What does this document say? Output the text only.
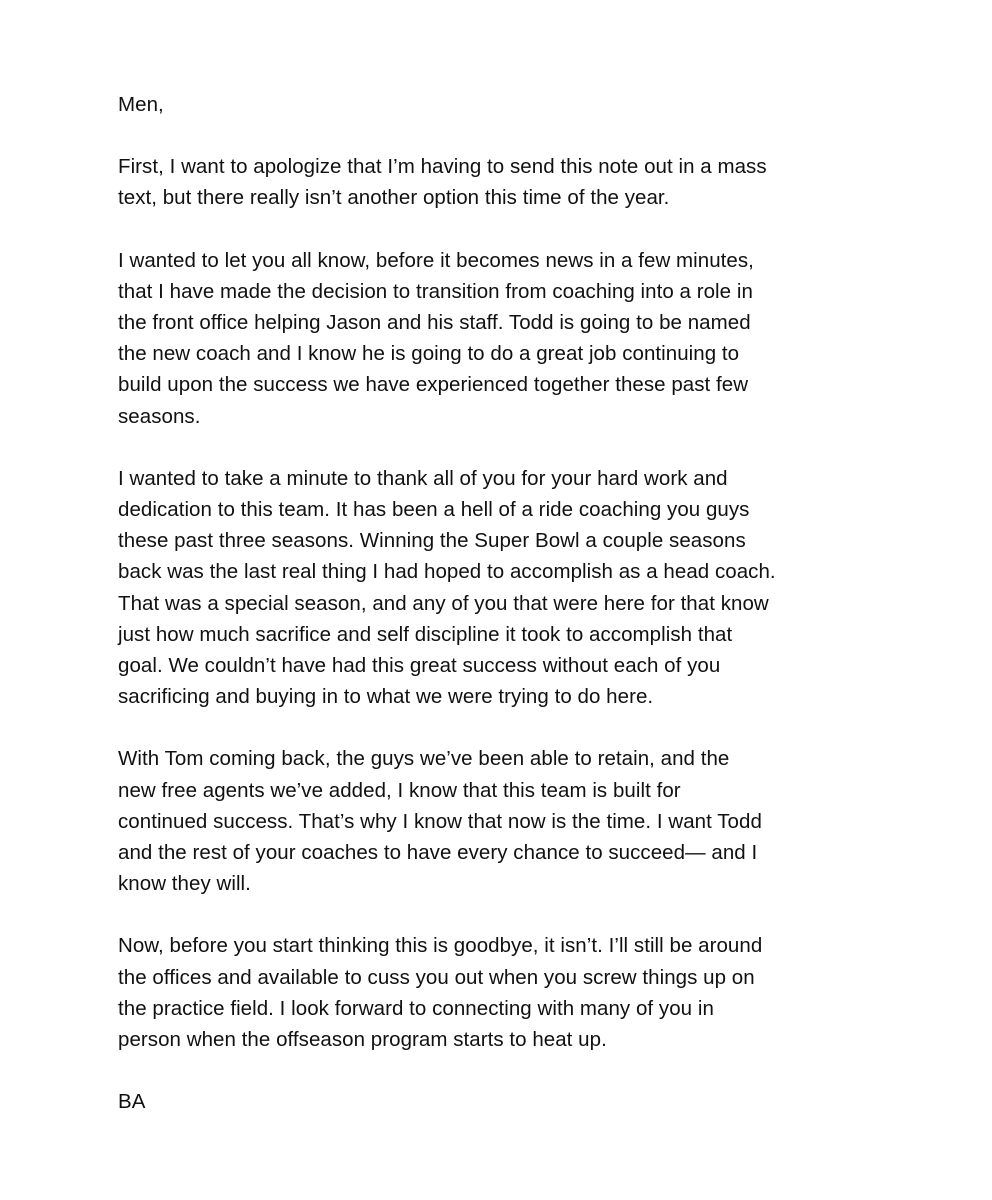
Men,
First, I want to apologize that I’m having to send this note out in a mass
text, but there really isn’t another option this time of the year.
I wanted to let you all know, before it becomes news in a few minutes,
that I have made the decision to transition from coaching into a role in
the front office helping Jason and his staff. Todd is going to be named
the new coach and I know he is going to do a great job continuing to
build upon the success we have experienced together these past few
seasons.
I wanted to take a minute to thank all of you for your hard work and
dedication to this team. It has been a hell of a ride coaching you guys
these past three seasons. Winning the Super Bowl a couple seasons
back was the last real thing I had hoped to accomplish as a head coach.
That was a special season, and any of you that were here for that know
just how much sacrifice and self discipline it took to accomplish that
goal. We couldn’t have had this great success without each of you
sacrificing and buying in to what we were trying to do here.
With Tom coming back, the guys we’ve been able to retain, and the
new free agents we’ve added, I know that this team is built for
continued success. That’s why I know that now is the time. I want Todd
and the rest of your coaches to have every chance to succeed— and I
know they will.
Now, before you start thinking this is goodbye, it isn’t. I’ll still be around
the offices and available to cuss you out when you screw things up on
the practice field. I look forward to connecting with many of you in
person when the offseason program starts to heat up.
BA
